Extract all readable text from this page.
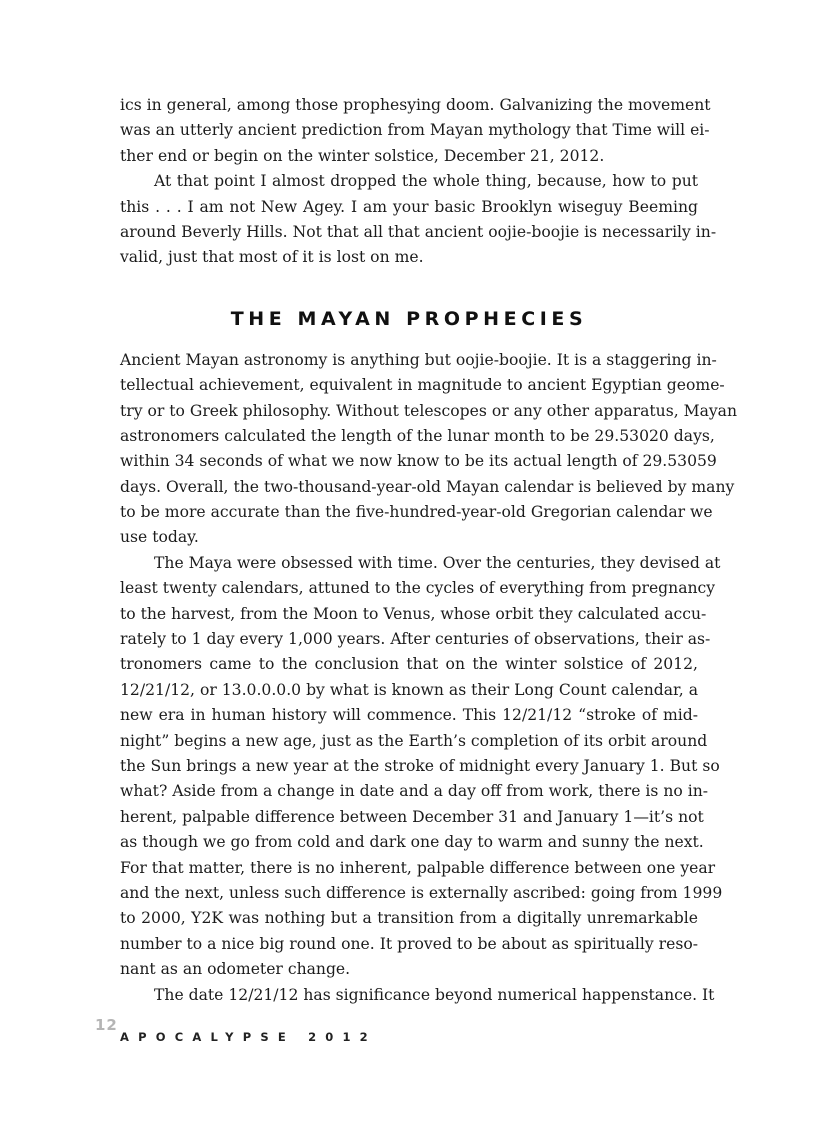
ics in general, among those prophesying doom. Galvanizing the movement
was an utterly ancient prediction from Mayan mythology that Time will ei-
ther end or begin on the winter solstice, December 21, 2012.
At that point I almost dropped the whole thing, because, how to put
this . . . I am not New Agey. I am your basic Brooklyn wiseguy Beeming
around Beverly Hills. Not that all that ancient oojie-boojie is necessarily in-
valid, just that most of it is lost on me.
THE MAYAN PROPHECIES
Ancient Mayan astronomy is anything but oojie-boojie. It is a staggering in-
tellectual achievement, equivalent in magnitude to ancient Egyptian geome-
try or to Greek philosophy. Without telescopes or any other apparatus, Mayan
astronomers calculated the length of the lunar month to be 29.53020 days,
within 34 seconds of what we now know to be its actual length of 29.53059
days. Overall, the two-thousand-year-old Mayan calendar is believed by many
to be more accurate than the five-hundred-year-old Gregorian calendar we
use today.
The Maya were obsessed with time. Over the centuries, they devised at
least twenty calendars, attuned to the cycles of everything from pregnancy
to the harvest, from the Moon to Venus, whose orbit they calculated accu-
rately to 1 day every 1,000 years. After centuries of observations, their as-
tronomers came to the conclusion that on the winter solstice of 2012,
12/21/12, or 13.0.0.0.0 by what is known as their Long Count calendar, a
new era in human history will commence. This 12/21/12 “stroke of mid-
night” begins a new age, just as the Earth’s completion of its orbit around
the Sun brings a new year at the stroke of midnight every January 1. But so
what? Aside from a change in date and a day off from work, there is no in-
herent, palpable difference between December 31 and January 1—it’s not
as though we go from cold and dark one day to warm and sunny the next.
For that matter, there is no inherent, palpable difference between one year
and the next, unless such difference is externally ascribed: going from 1999
to 2000, Y2K was nothing but a transition from a digitally unremarkable
number to a nice big round one. It proved to be about as spiritually reso-
nant as an odometer change.
The date 12/21/12 has significance beyond numerical happenstance. It
12
APOCALYPSE 2012
